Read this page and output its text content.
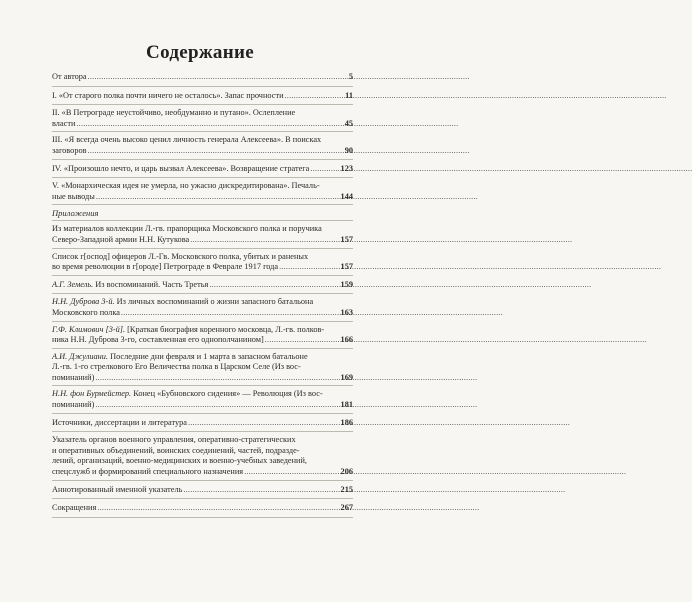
Содержание
От автора .....	5
I. «От старого полка почти ничего не осталось». Запас прочности .....	11
II. «В Петрограде неустойчиво, необдуманно и путано». Ослепление
власти .....	45
III. «Я всегда очень высоко ценил личность генерала Алексеева». В поисках
заговоров .....	90
IV. «Произошло нечто, и царь вызвал Алексеева». Возвращение стратега .....	123
V. «Монархическая идея не умерла, но ужасно дискредитирована». Печаль-
ные выводы .....	144
Приложения
Из материалов коллекции Л.-гв. прапорщика Московского полка и поручика
Северо-Западной армии Н.Н. Кутукова .....	157
Список г[оспод] офицеров Л.-Гв. Московского полка, убитых и раненых
во время революции в г[ороде] Петрограде в Феврале 1917 года .....	157
А.Г. Земель. Из воспоминаний. Часть Третья .....	159
Н.Н. Дуброва 3-й. Из личных воспоминаний о жизни запасного батальона
Московского полка .....	163
Г.Ф. Климович [3-й]. [Краткая биография коренного московца, Л.-гв. полков-
ника Н.Н. Дуброва 3-го, составленная его однополчанином] .....	166
А.И. Джулиани. Последние дни февраля и 1 марта в запасном батальоне
Л.-гв. 1-го стрелкового Его Величества полка в Царском Селе (Из вос-
поминаний) .....	169
Н.Н. фон Бурмейстер. Конец «Бубновского сидения» — Революция (Из вос-
поминаний) .....	181
Источники, диссертации и литература .....	186
Указатель органов военного управления, оперативно-стратегических
и оперативных объединений, воинских соединений, частей, подразде-
лений, организаций, военно-медицинских и военно-учебных заведений,
спецслужб и формирований специального назначения .....	206
Аннотированный именной указатель .....	215
Сокращения .....	267
